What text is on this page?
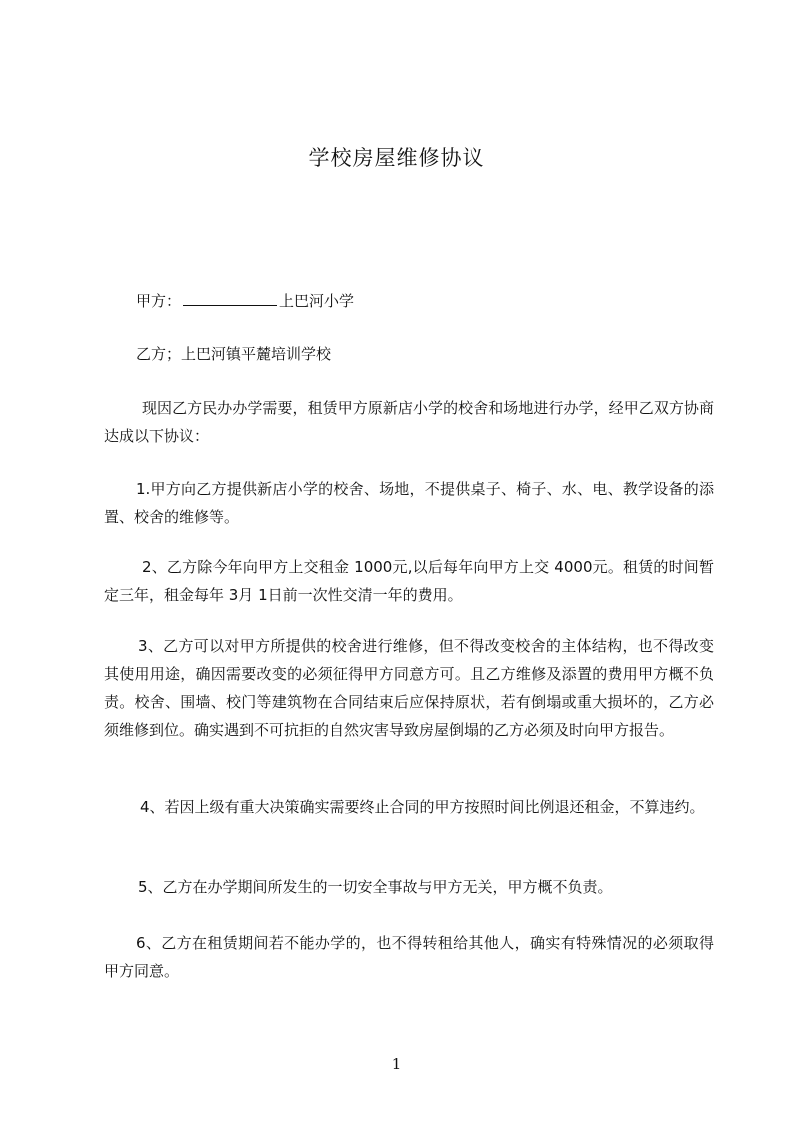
学校房屋维修协议
甲方：	上巴河小学
乙方；上巴河镇平麓培训学校
现因乙方民办办学需要，租赁甲方原新店小学的校舍和场地进行办学，经甲乙双方协商达成以下协议：
1.甲方向乙方提供新店小学的校舍、场地，不提供桌子、椅子、水、电、教学设备的添置、校舍的维修等。
2、乙方除今年向甲方上交租金 1000元,以后每年向甲方上交 4000元。租赁的时间暂定三年，租金每年 3月 1日前一次性交清一年的费用。
3、乙方可以对甲方所提供的校舍进行维修，但不得改变校舍的主体结构，也不得改变其使用用途，确因需要改变的必须征得甲方同意方可。且乙方维修及添置的费用甲方概不负责。校舍、围墙、校门等建筑物在合同结束后应保持原状，若有倒塌或重大损坏的，乙方必须维修到位。确实遇到不可抗拒的自然灾害导致房屋倒塌的乙方必须及时向甲方报告。
4、若因上级有重大决策确实需要终止合同的甲方按照时间比例退还租金，不算违约。
5、乙方在办学期间所发生的一切安全事故与甲方无关，甲方概不负责。
6、乙方在租赁期间若不能办学的，也不得转租给其他人，确实有特殊情况的必须取得甲方同意。
1
